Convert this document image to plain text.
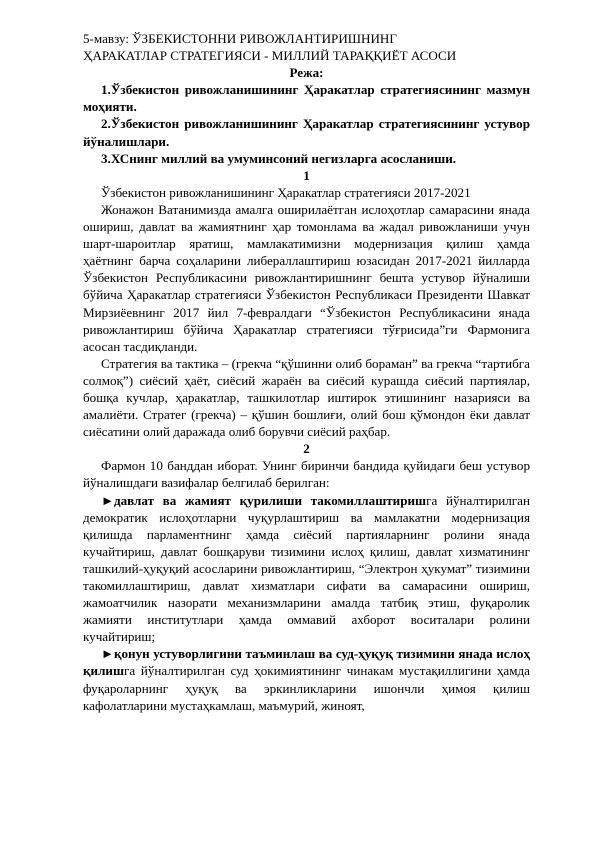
5-мавзу: ЎЗБЕКИСТОННИ РИВОЖЛАНТИРИШНИНГ
ҲАРАКАТЛАР СТРАТЕГИЯСИ - МИЛЛИЙ ТАРАҚҚИЁТ АСОСИ
Режа:
1.Ўзбекистон ривожланишининг Ҳаракатлар стратегиясининг мазмун моҳияти.
2.Ўзбекистон ривожланишининг Ҳаракатлар стратегиясининг устувор йўналишлари.
3.ХСнинг миллий ва умуминсоний негизларга асосланиши.
1

Ўзбекистон ривожланишининг Ҳаракатлар стратегияси 2017-2021

Жонажон Ватанимизда амалга оширилаётган ислоҳотлар самарасини янада ошириш, давлат ва жамиятнинг ҳар томонлама ва жадал ривожланиши учун шарт-шароитлар яратиш, мамлакатимизни модернизация қилиш ҳамда ҳаётнинг барча соҳаларини либераллаштириш юзасидан 2017-2021 йилларда Ўзбекистон Республикасини ривожлантиришнинг бешта устувор йўналиши бўйича Ҳаракатлар стратегияси Ўзбекистон Республикаси Президенти Шавкат Мирзиёевнинг 2017 йил 7-февралдаги “Ўзбекистон Республикасини янада ривожлантириш бўйича Ҳаракатлар стратегияси тўғрисида”ги Фармонига асосан тасдиқланди.

Стратегия ва тактика – (грекча “қўшинни олиб бораман” ва грекча “тартибга солмоқ”) сиёсий ҳаёт, сиёсий жараён ва сиёсий курашда сиёсий партиялар, бошқа кучлар, ҳаракатлар, ташкилотлар иштирок этишининг назарияси ва амалиёти. Стратег (грекча) – қўшин бошлиғи, олий бош қўмондон ёки давлат сиёсатини олий даражада олиб борувчи сиёсий раҳбар.

2

Фармон 10 банддан иборат. Унинг биринчи бандида қуйидаги беш устувор йўналишдаги вазифалар белгилаб берилган:

►давлат ва жамият қурилиши такомиллаштиришга йўналтирилган демократик ислоҳотларни чуқурлаштириш ва мамлакатни модернизация қилишда парламентнинг ҳамда сиёсий партияларнинг ролини янада кучайтириш, давлат бошқаруви тизимини ислоҳ қилиш, давлат хизматининг ташкилий-ҳуқуқий асосларини ривожлантириш, “Электрон ҳукумат” тизимини такомиллаштириш, давлат хизматлари сифати ва самарасини ошириш, жамоатчилик назорати механизмларини амалда татбиқ этиш, фуқаролик жамияти институтлари ҳамда оммавий ахборот воситалари ролини кучайтириш;

►қонун устуворлигини таъминлаш ва суд-ҳуқуқ тизимини янада ислоҳ қилишга йўналтирилган суд ҳокимиятининг чинакам мустақиллигини ҳамда фуқароларнинг ҳуқуқ ва эркинликларини ишончли ҳимоя қилиш кафолатларини мустаҳкамлаш, маъмурий, жиноят,
